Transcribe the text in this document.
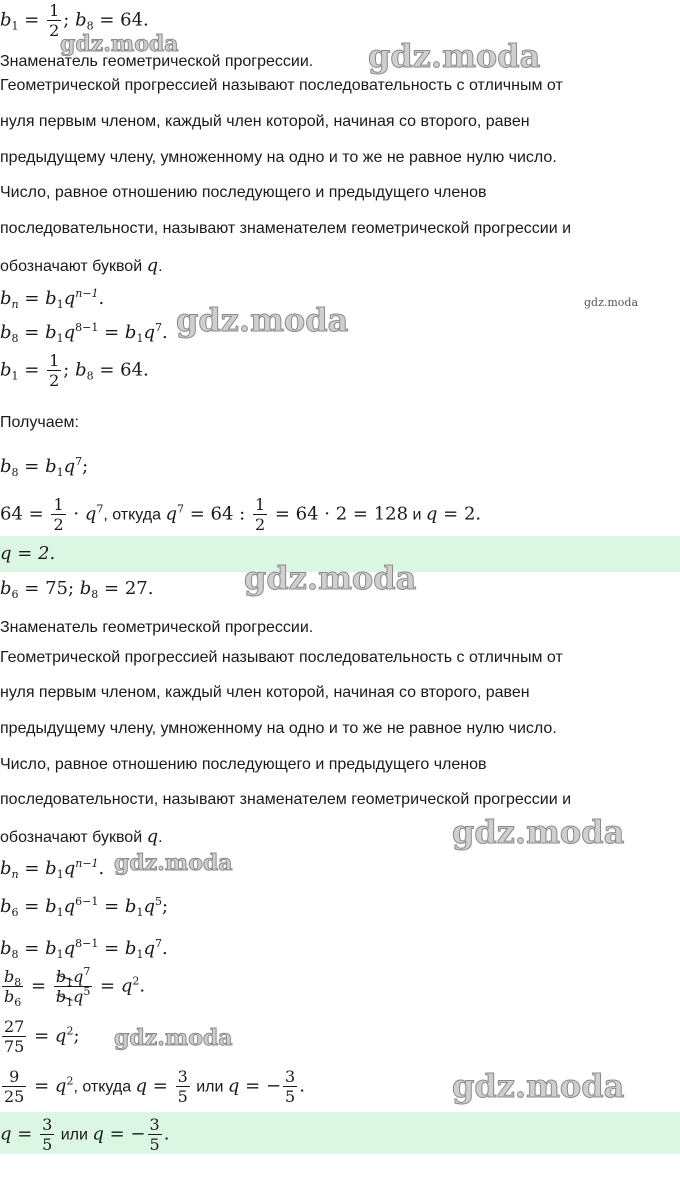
$b_1 = \frac{1}{2}$ ; $b_8 = 64$.
Знаменатель геометрической прогрессии.
Геометрической прогрессией называют последовательность с отличным от
нуля первым членом, каждый член которой, начиная со второго, равен
предыдущему члену, умноженному на одно и то же не равное нулю число.
Число, равное отношению последующего и предыдущего членов
последовательности, называют знаменателем геометрической прогрессии и
обозначают буквой q.
$b_n = b_1q^{n-1}$.
$b_8 = b_1q^{8-1} = b_1q^7$.
$b_1 = \frac{1}{2}$ ; $b_8 = 64$.
Получаем:
$b_8 = b_1q^7$;
$64 = \frac{1}{2} \cdot q^7$, откуда $q^7 = 64$ : $\frac{1}{2} = 64 \cdot 2 = 128$ и q = 2.
q = 2.
$b_6 = 75$; $b_8 = 27$.
Знаменатель геометрической прогрессии.
Геометрической прогрессией называют последовательность с отличным от
нуля первым членом, каждый член которой, начиная со второго, равен
предыдущему члену, умноженному на одно и то же не равное нулю число.
Число, равное отношению последующего и предыдущего членов
последовательности, называют знаменателем геометрической прогрессии и
обозначают буквой q.
$b_n = b_1q^{n-1}$.
$b_6 = b_1q^{6-1} = b_1q^5$;
$b_8 = b_1q^{8-1} = b_1q^7$.
$\frac{b_8}{b_6} = \frac{b_1q^7}{b_1q^5} = q^2$.
$\frac{27}{75} = q^2$;
$\frac{9}{25} = q^2$, откуда $q = \frac{3}{5}$ или q = − $\frac{3}{5}$ .
$q = \frac{3}{5}$ или q = − $\frac{3}{5}$ .
gdz.moda	gdz.moda
gdz.moda
gdz.moda
gdz.moda
gdz.moda
gdz.moda
gdz.moda
gdz.moda
